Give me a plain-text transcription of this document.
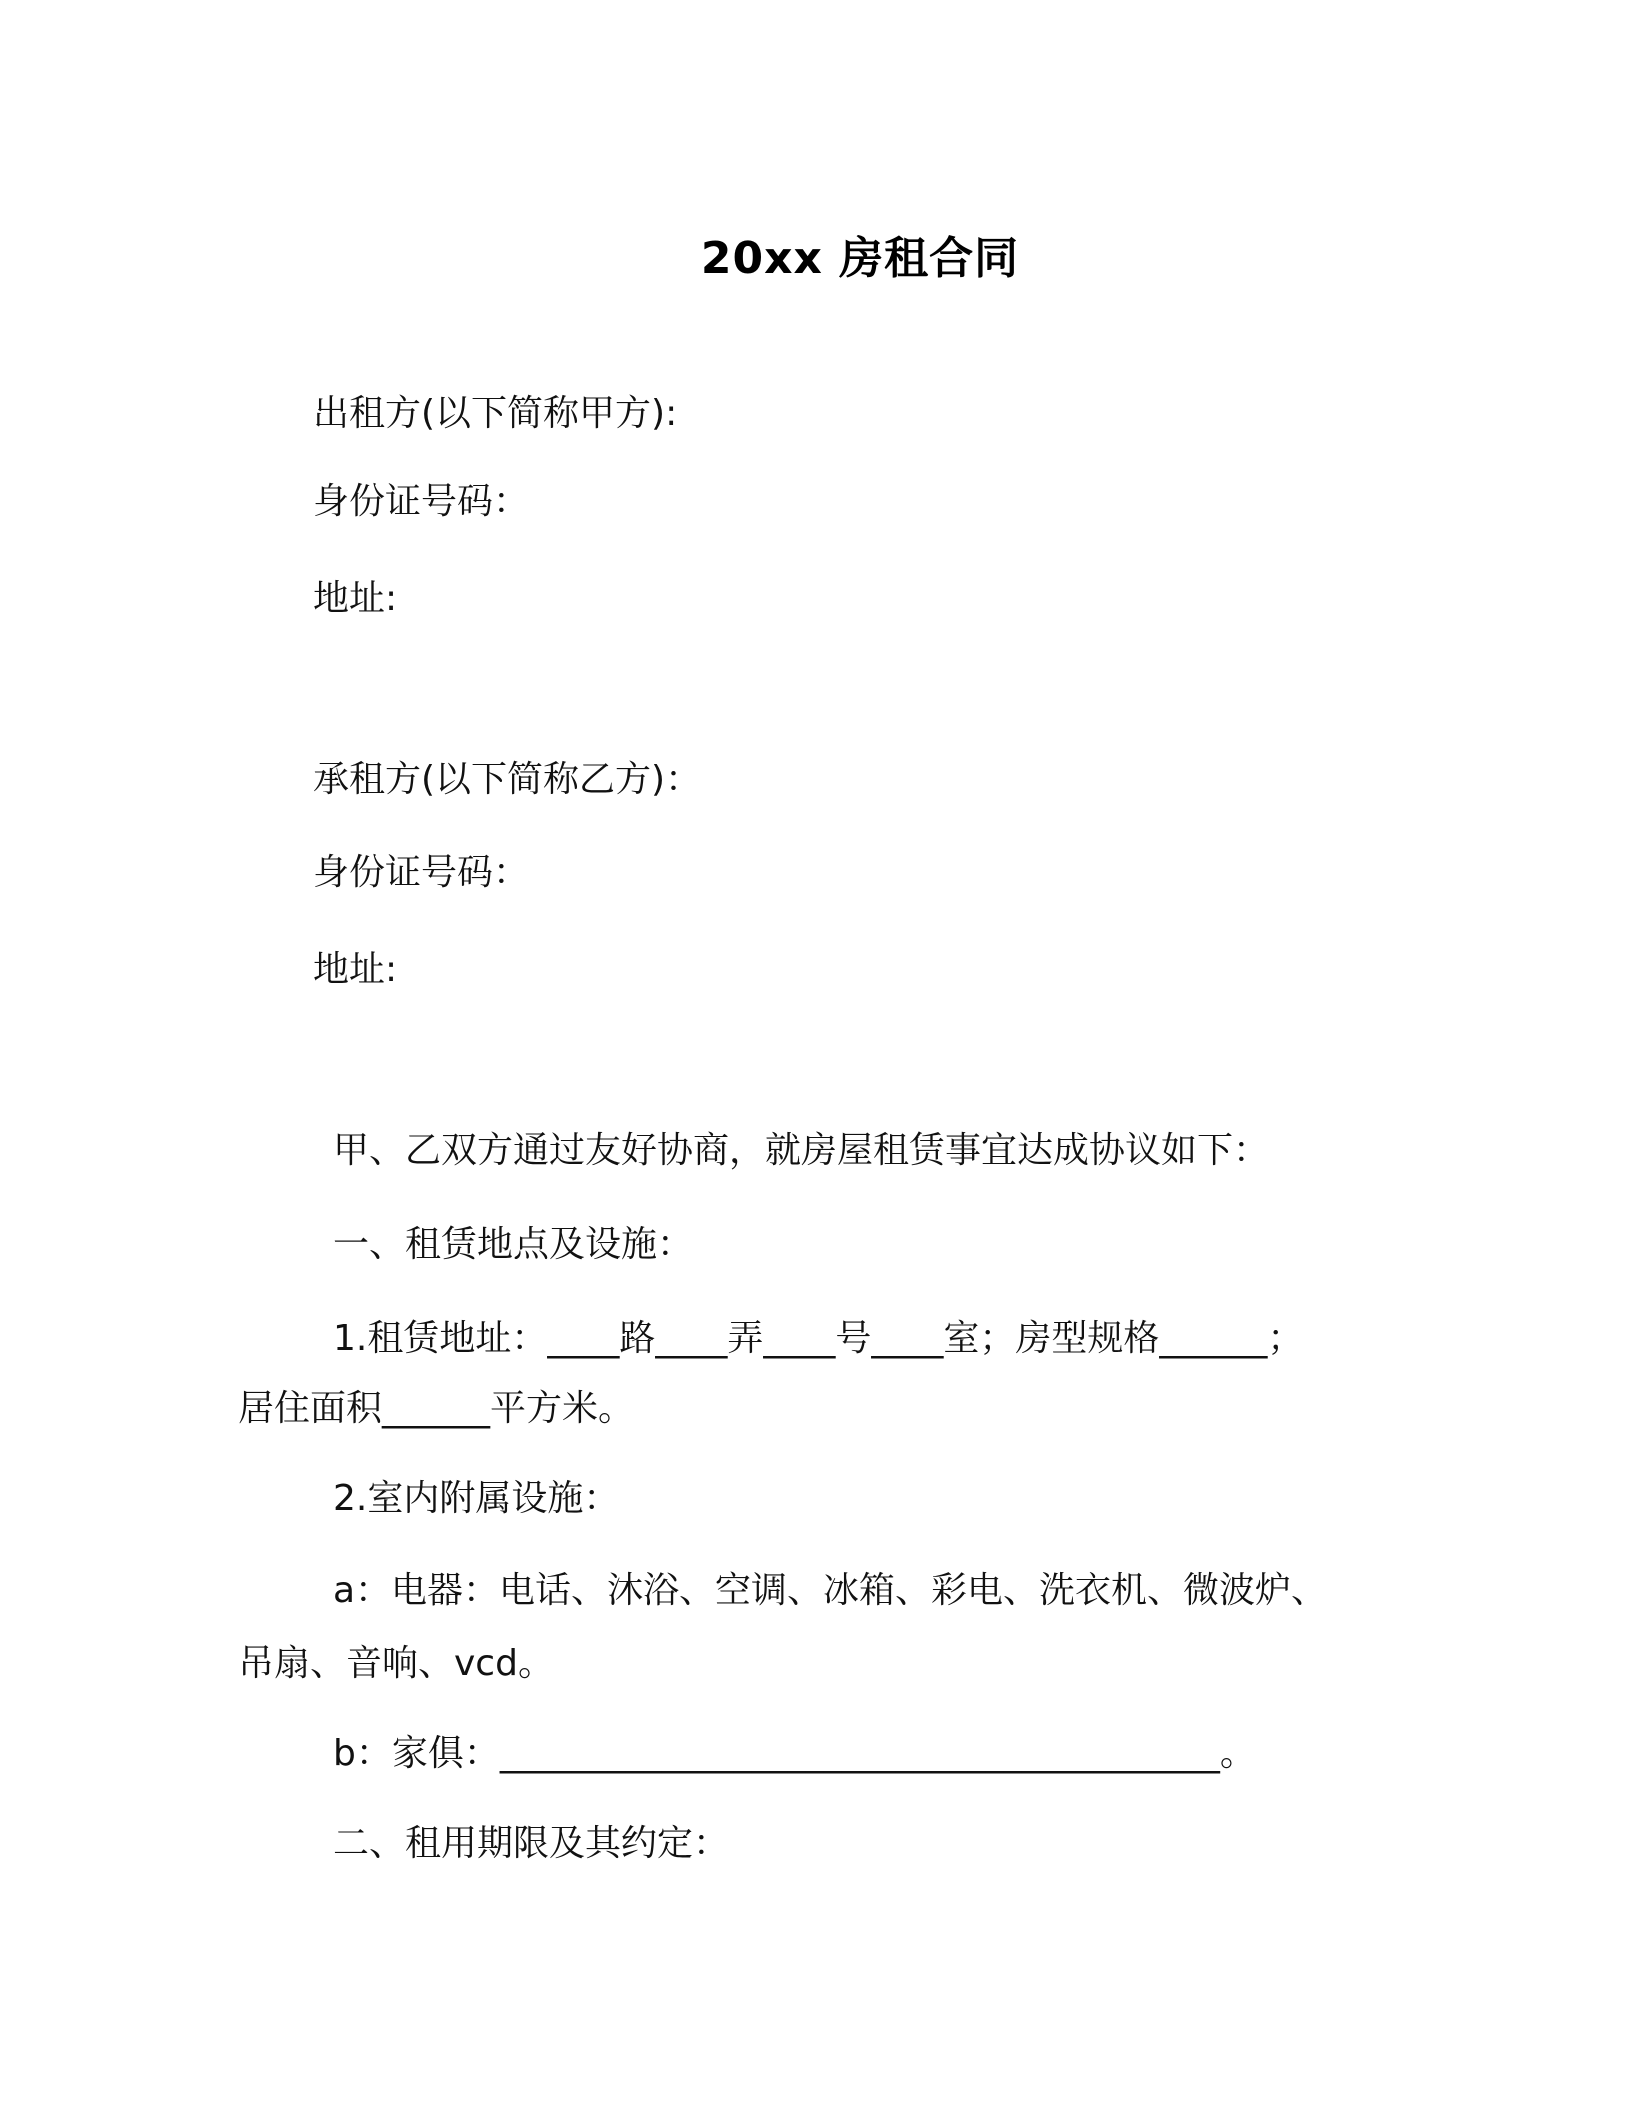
20xx 房租合同
出租方(以下简称甲方):
身份证号码：
地址:
承租方(以下简称乙方)：
身份证号码：
地址:
甲、乙双方通过友好协商，就房屋租赁事宜达成协议如下：
一、租赁地点及设施：
1.租赁地址：____路____弄____号____室；房型规格______；
居住面积______平方米。
2.室内附属设施：
a：电器：电话、沐浴、空调、冰箱、彩电、洗衣机、微波炉、
吊扇、音响、vcd。
b：家俱：________________________________________。
二、租用期限及其约定：
